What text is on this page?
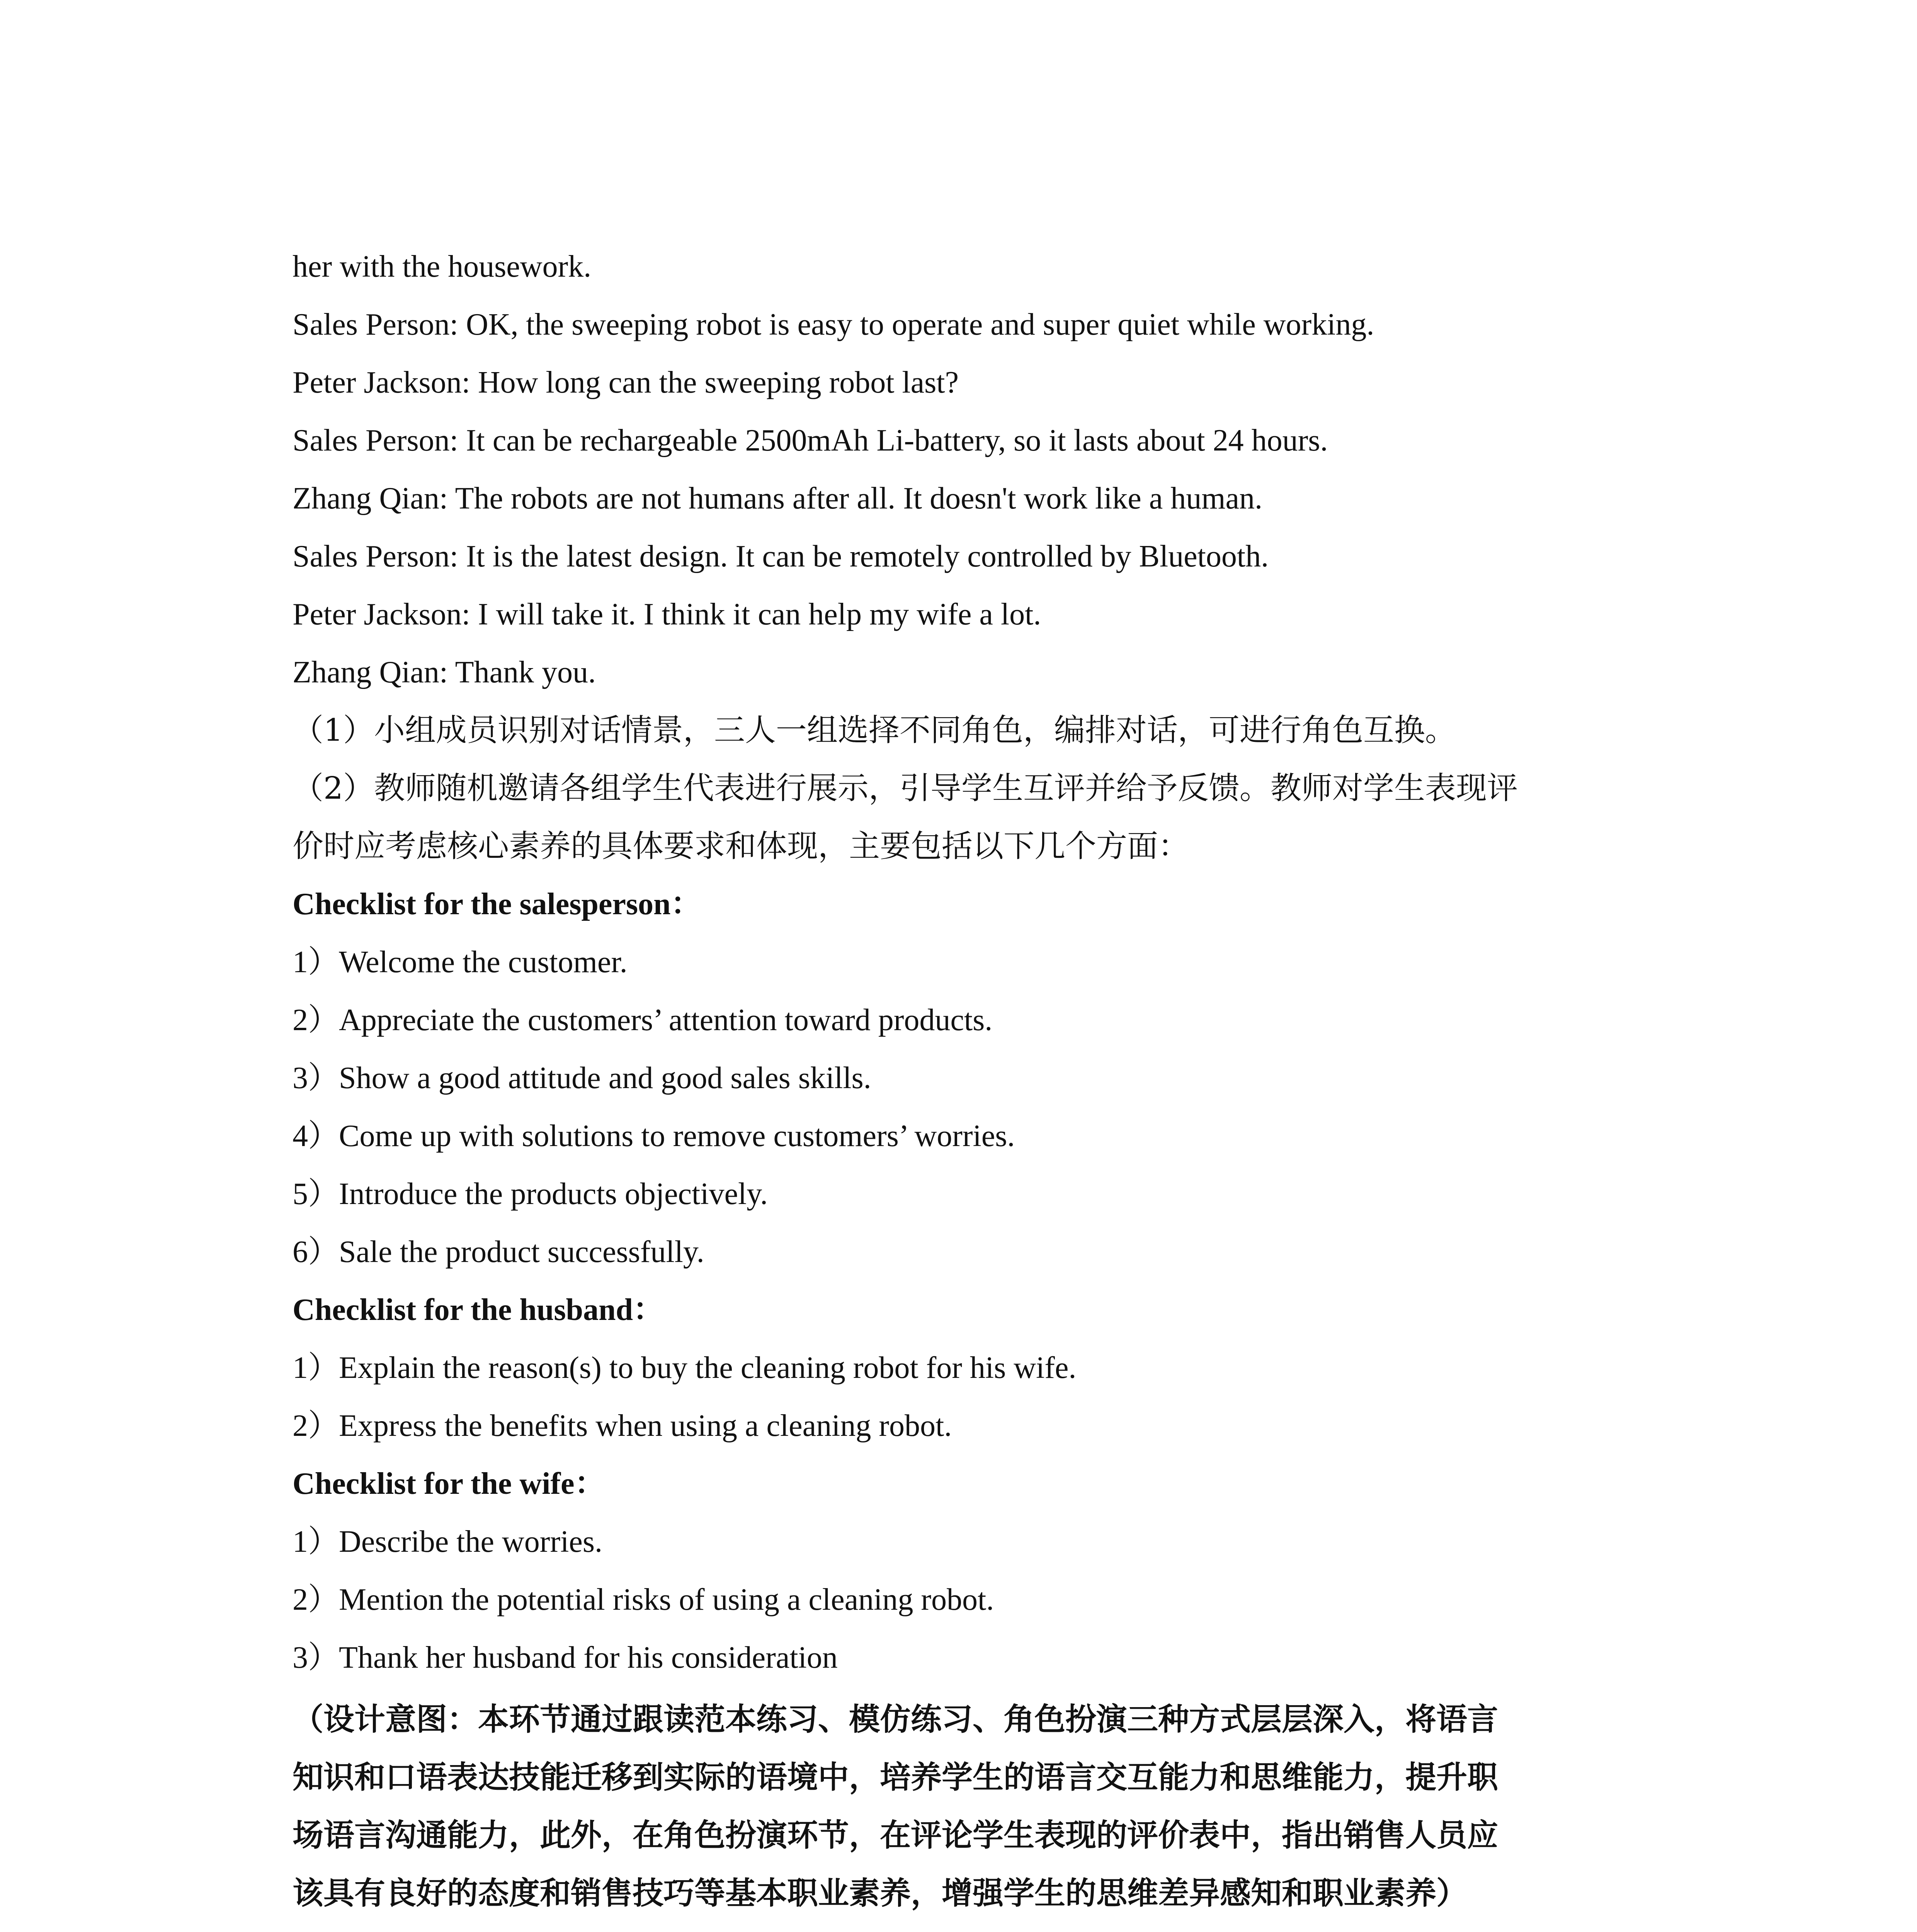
her with the housework.
Sales Person: OK, the sweeping robot is easy to operate and super quiet while working.
Peter Jackson: How long can the sweeping robot last?
Sales Person: It can be rechargeable 2500mAh Li-battery, so it lasts about 24 hours.
Zhang Qian: The robots are not humans after all. It doesn't work like a human.
Sales Person: It is the latest design. It can be remotely controlled by Bluetooth.
Peter Jackson: I will take it. I think it can help my wife a lot.
Zhang Qian: Thank you.
（1）小组成员识别对话情景，三人一组选择不同角色，编排对话，可进行角色互换。
（2）教师随机邀请各组学生代表进行展示，引导学生互评并给予反馈。教师对学生表现评
价时应考虑核心素养的具体要求和体现，主要包括以下几个方面：
Checklist for the salesperson：
1）Welcome the customer.
2）Appreciate the customers’ attention toward products.
3）Show a good attitude and good sales skills.
4）Come up with solutions to remove customers’ worries.
5）Introduce the products objectively.
6）Sale the product successfully.
Checklist for the husband：
1）Explain the reason(s) to buy the cleaning robot for his wife.
2）Express the benefits when using a cleaning robot.
Checklist for the wife：
1）Describe the worries.
2）Mention the potential risks of using a cleaning robot.
3）Thank her husband for his consideration
（设计意图：本环节通过跟读范本练习、模仿练习、角色扮演三种方式层层深入，将语言
知识和口语表达技能迁移到实际的语境中，培养学生的语言交互能力和思维能力，提升职
场语言沟通能力，此外，在角色扮演环节，在评论学生表现的评价表中，指出销售人员应
该具有良好的态度和销售技巧等基本职业素养，增强学生的思维差异感知和职业素养）
